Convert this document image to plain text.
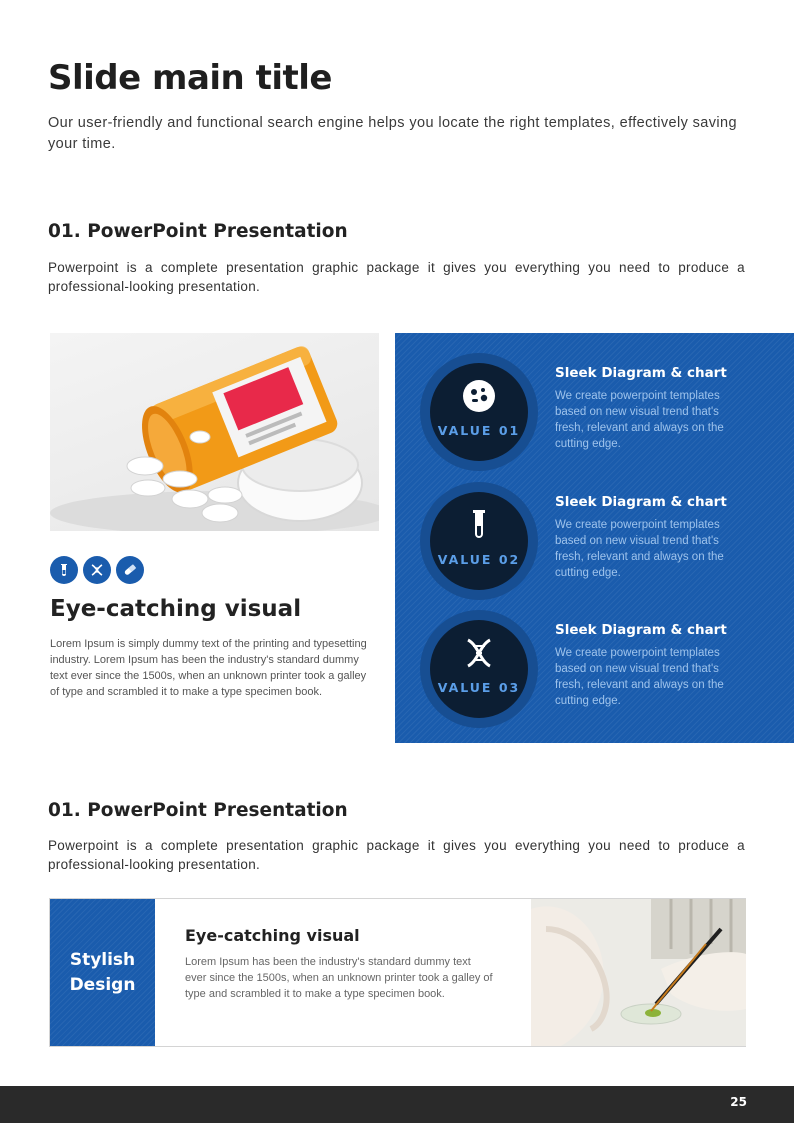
Slide main title

Our user-friendly and functional search engine helps you locate the right templates, effectively saving your time.

01. PowerPoint Presentation

Powerpoint is a complete presentation graphic package it gives you everything you need to produce a professional-looking presentation.

Eye-catching visual

Lorem Ipsum is simply dummy text of the printing and typesetting industry. Lorem Ipsum has been the industry's standard dummy text ever since the 1500s, when an unknown printer took a galley of type and scrambled it to make a type specimen book.

VALUE 01
Sleek Diagram & chart
We create powerpoint templates based on new visual trend that's fresh, relevant and always on the cutting edge.
VALUE 02
Sleek Diagram & chart
We create powerpoint templates based on new visual trend that's fresh, relevant and always on the cutting edge.
VALUE 03
Sleek Diagram & chart
We create powerpoint templates based on new visual trend that's fresh, relevant and always on the cutting edge.
01. PowerPoint Presentation

Powerpoint is a complete presentation graphic package it gives you everything you need to produce a professional-looking presentation.

Stylish Design
Eye-catching visual
Lorem Ipsum has been the industry's standard dummy text ever since the 1500s, when an unknown printer took a galley of type and scrambled it to make a type specimen book.
25
